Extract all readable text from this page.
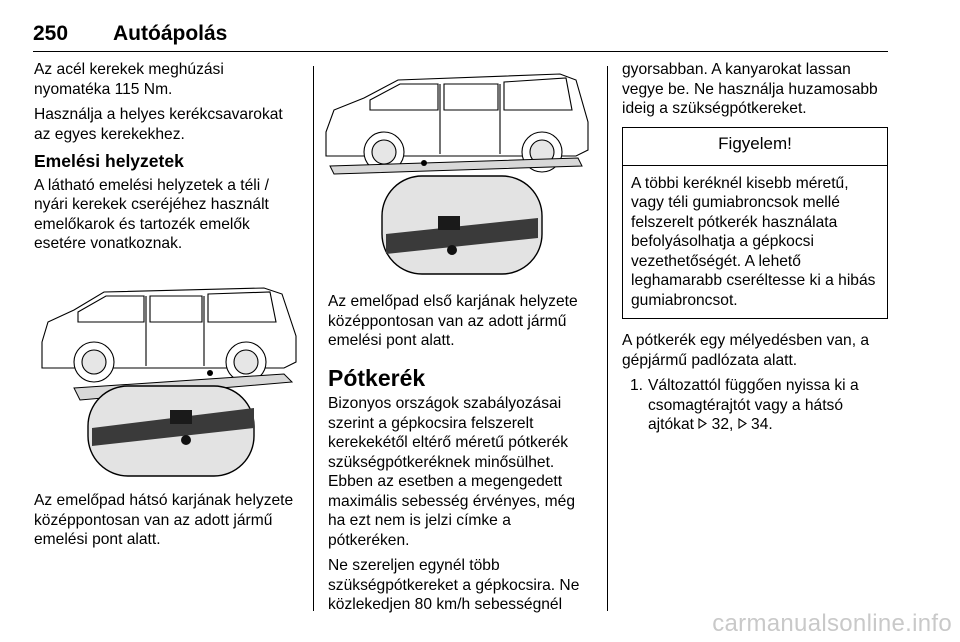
250 Autóápolás

Az acél kerekek meghúzási nyomatéka 115 Nm.

Használja a helyes kerékcsavarokat az egyes kerekekhez.

Emelési helyzetek

A látható emelési helyzetek a téli / nyári kerekek cseréjéhez használt emelőkarok és tartozék emelők esetére vonatkoznak.

Az emelőpad hátsó karjának helyzete középpontosan van az adott jármű emelési pont alatt.

Az emelőpad első karjának helyzete középpontosan van az adott jármű emelési pont alatt.

Pótkerék

Bizonyos országok szabályozásai szerint a gépkocsira felszerelt kerekekétől eltérő méretű pótkerék szükségpótkeréknek minősülhet. Ebben az esetben a megengedett maximális sebesség érvényes, még ha ezt nem is jelzi címke a pótkeréken.

Ne szereljen egynél több szükségpótkereket a gépkocsira. Ne közlekedjen 80 km/h sebességnél

gyorsabban. A kanyarokat lassan vegye be. Ne használja huzamosabb ideig a szükségpótkereket.

Figyelem!
A többi keréknél kisebb méretű, vagy téli gumiabroncsok mellé felszerelt pótkerék használata befolyásolhatja a gépkocsi vezethetőségét. A lehető leghamarabb cseréltesse ki a hibás gumiabroncsot.

A pótkerék egy mélyedésben van, a gépjármű padlózata alatt.

1. Változattól függően nyissa ki a csomagtérajtót vagy a hátsó ajtókat 32,  34.
carmanualsonline.info
